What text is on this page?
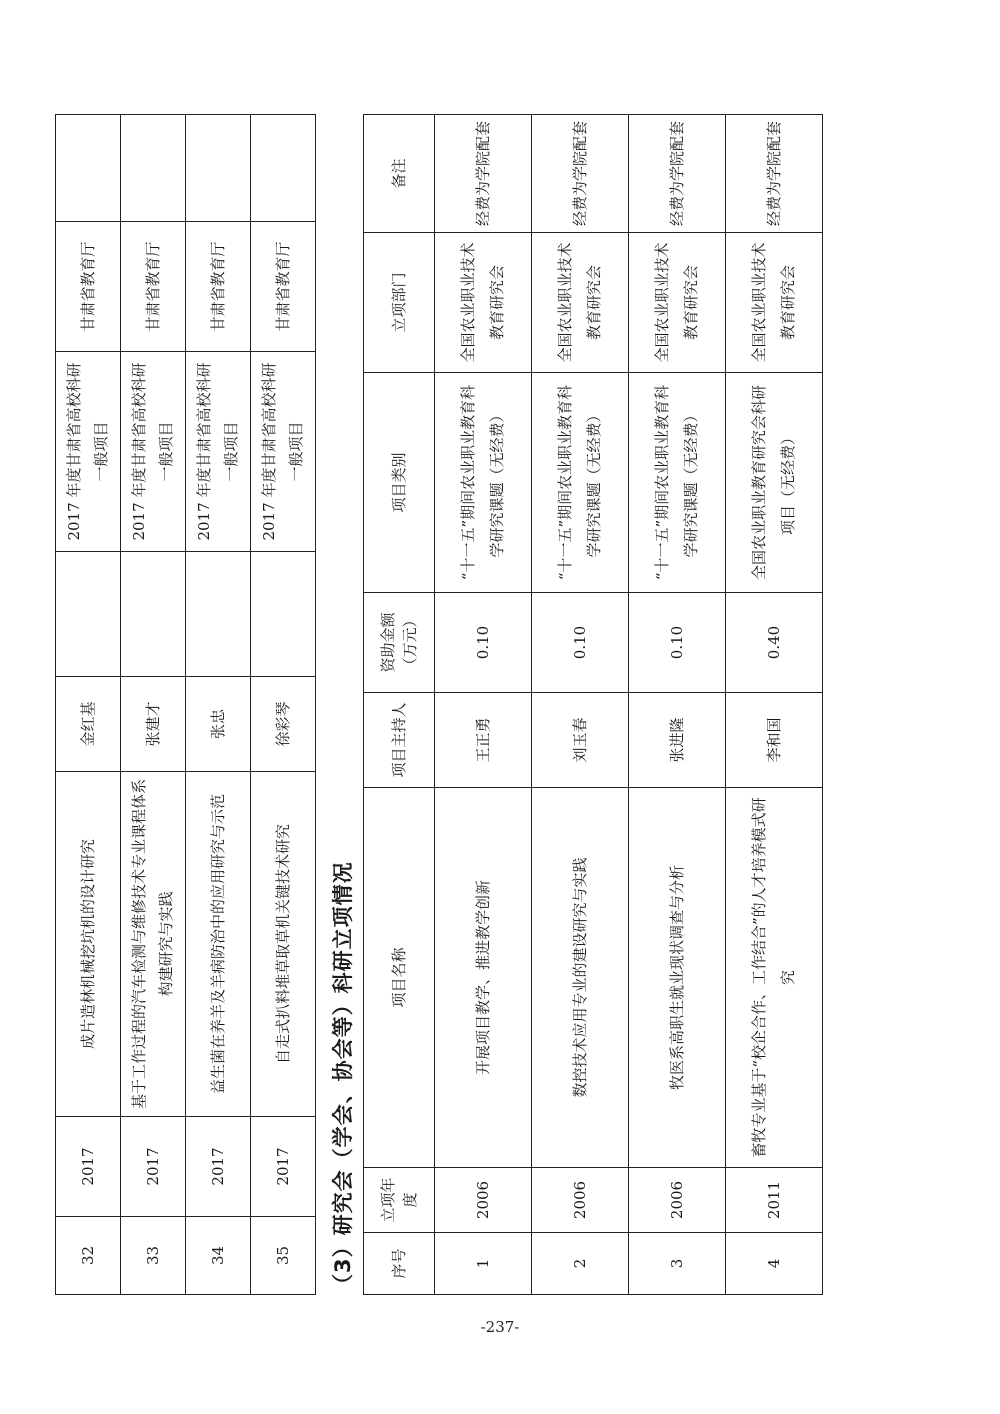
32	2017	成片造林机械挖坑机的设计研究	金红基		2017 年度甘肃省高校科研一般项目	甘肃省教育厅	
33	2017	基于工作过程的汽车检测与维修技术专业课程体系构建研究与实践	张建才		2017 年度甘肃省高校科研一般项目	甘肃省教育厅	
34	2017	益生菌在养羊及羊病防治中的应用研究与示范	张忠		2017 年度甘肃省高校科研一般项目	甘肃省教育厅	
35	2017	自走式扒料堆草取草机关键技术研究	徐彩琴		2017 年度甘肃省高校科研一般项目	甘肃省教育厅	
（3）研究会（学会、协会等）科研立项情况	序号	立项年度	项目名称	项目主持人	资助金额（万元）	项目类别	立项部门	备注
1	2006	开展项目教学、推进教学创新	王正勇	0.10	“十一五”期间农业职业教育科学研究课题（无经费）	全国农业职业技术教育研究会	经费为学院配套
2	2006	数控技术应用专业的建设研究与实践	刘玉春	0.10	“十一五”期间农业职业教育科学研究课题（无经费）	全国农业职业技术教育研究会	经费为学院配套
3	2006	牧医系高职生就业现状调查与分析	张进隆	0.10	“十一五”期间农业职业教育科学研究课题（无经费）	全国农业职业技术教育研究会	经费为学院配套
4	2011	畜牧专业基于“校企合作、工作结合”的人才培养模式研究	李和国	0.40	全国农业职业教育研究会科研项目（无经费）	全国农业职业技术教育研究会	经费为学院配套
-237-
